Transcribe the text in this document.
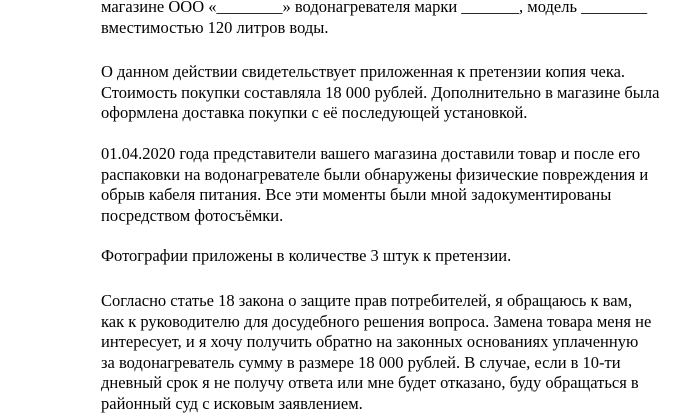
магазине ООО «________» водонагревателя марки _______, модель ________
вместимостью 120 литров воды.

О данном действии свидетельствует приложенная к претензии копия чека.
Стоимость покупки составляла 18 000 рублей. Дополнительно в магазине была
оформлена доставка покупки с её последующей установкой.

01.04.2020 года представители вашего магазина доставили товар и после его
распаковки на водонагревателе были обнаружены физические повреждения и
обрыв кабеля питания. Все эти моменты были мной задокументированы
посредством фотосъёмки.

Фотографии приложены в количестве 3 штук к претензии.

Согласно статье 18 закона о защите прав потребителей, я обращаюсь к вам,
как к руководителю для досудебного решения вопроса. Замена товара меня не
интересует, и я хочу получить обратно на законных основаниях уплаченную
за водонагреватель сумму в размере 18 000 рублей. В случае, если в 10-ти
дневный срок я не получу ответа или мне будет отказано, буду обращаться в
районный суд с исковым заявлением.
